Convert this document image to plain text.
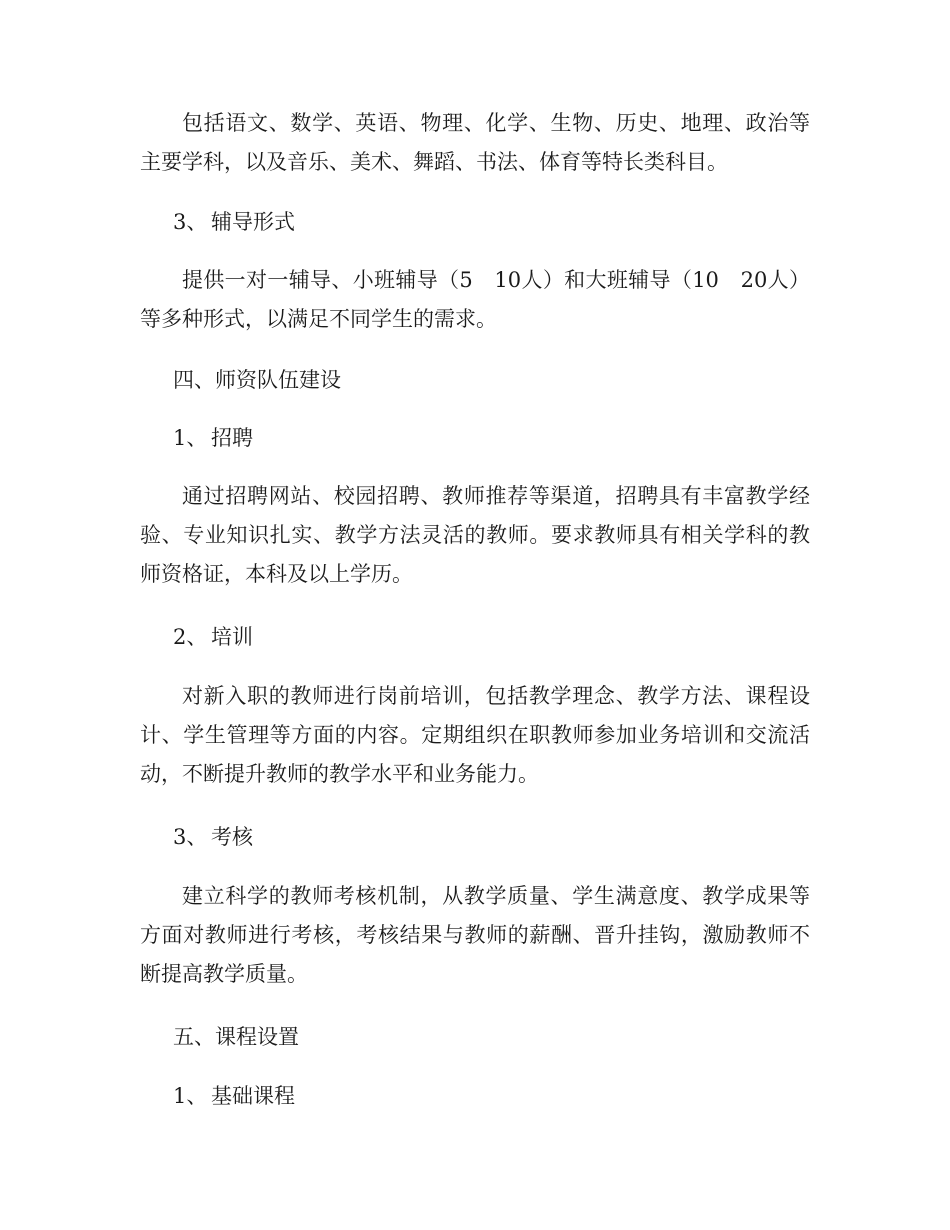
包括语文、数学、英语、物理、化学、生物、历史、地理、政治等主要学科，以及音乐、美术、舞蹈、书法、体育等特长类科目。

3、 辅导形式

提供一对一辅导、小班辅导（5　10人）和大班辅导（10　20人）等多种形式，以满足不同学生的需求。

四、师资队伍建设
1、 招聘

通过招聘网站、校园招聘、教师推荐等渠道，招聘具有丰富教学经验、专业知识扎实、教学方法灵活的教师。要求教师具有相关学科的教师资格证，本科及以上学历。

2、 培训

对新入职的教师进行岗前培训，包括教学理念、教学方法、课程设计、学生管理等方面的内容。定期组织在职教师参加业务培训和交流活动，不断提升教师的教学水平和业务能力。

3、 考核

建立科学的教师考核机制，从教学质量、学生满意度、教学成果等方面对教师进行考核，考核结果与教师的薪酬、晋升挂钩，激励教师不断提高教学质量。

五、课程设置
1、 基础课程
